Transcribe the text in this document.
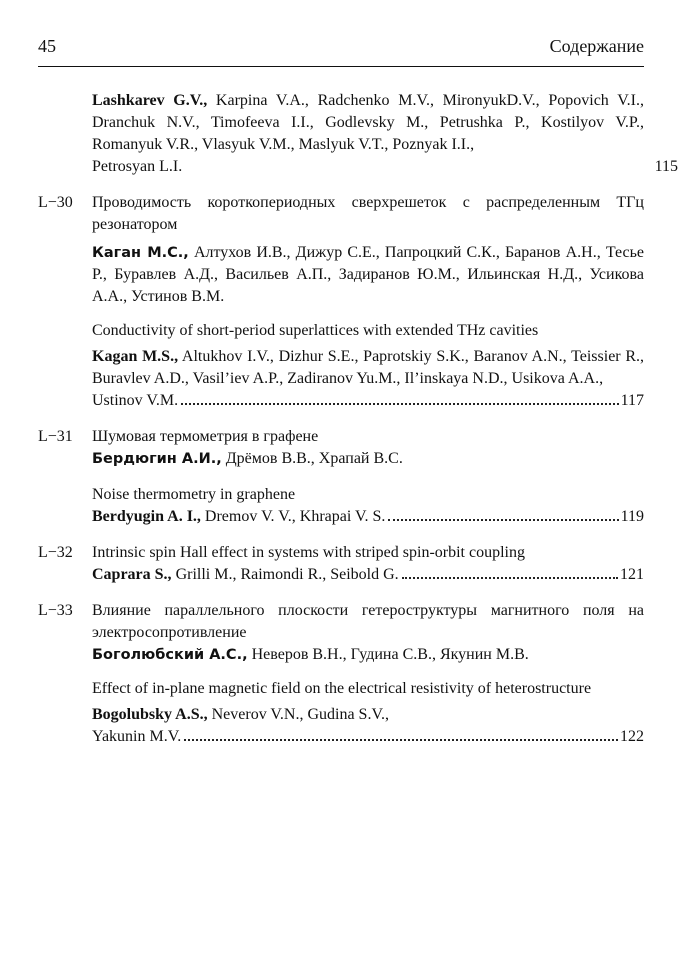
45	Содержание

Lashkarev G.V., Karpina V.A., Radchenko M.V., MironyukD.V., Popovich V.I., Dranchuk N.V., Timofeeva I.I., Godlevsky M., Petrushka P., Kostilyov V.P., Romanyuk V.R., Vlasyuk V.M., Maslyuk V.T., Poznyak I.I.,

Petrosyan L.I.	115
L−30 Проводимость короткопериодных сверхрешеток с распределенным ТГц резонатором

Каган М.С., Алтухов И.В., Дижур С.Е., Папроцкий С.К., Баранов А.Н., Тесье Р., Буравлев А.Д., Васильев А.П., Задиранов Ю.М., Ильинская Н.Д., Усикова А.А., Устинов В.М.

Conductivity of short-period superlattices with extended THz cavities

Kagan M.S., Altukhov I.V., Dizhur S.E., Paprotskiy S.K., Baranov A.N., Teissier R., Buravlev A.D., Vasil’iev A.P., Zadiranov Yu.M., Il’inskaya N.D., Usikova A.A.,

Ustinov V.M.	117
L−31 Шумовая термометрия в графене

Бердюгин А.И., Дрёмов В.В., Храпай В.С.

Noise thermometry in graphene

Berdyugin A. I., Dremov V. V., Khrapai V. S.	119
L−32 Intrinsic spin Hall effect in systems with striped spin-orbit coupling

Caprara S., Grilli M., Raimondi R., Seibold G.	121
L−33 Влияние параллельного плоскости гетероструктуры магнитного поля на электросопротивление

Боголюбский А.С., Неверов В.Н., Гудина С.В., Якунин М.В.

Effect of in-plane magnetic field on the electrical resistivity of heterostructure

Bogolubsky A.S., Neverov V.N., Gudina S.V.,

Yakunin M.V.	122
